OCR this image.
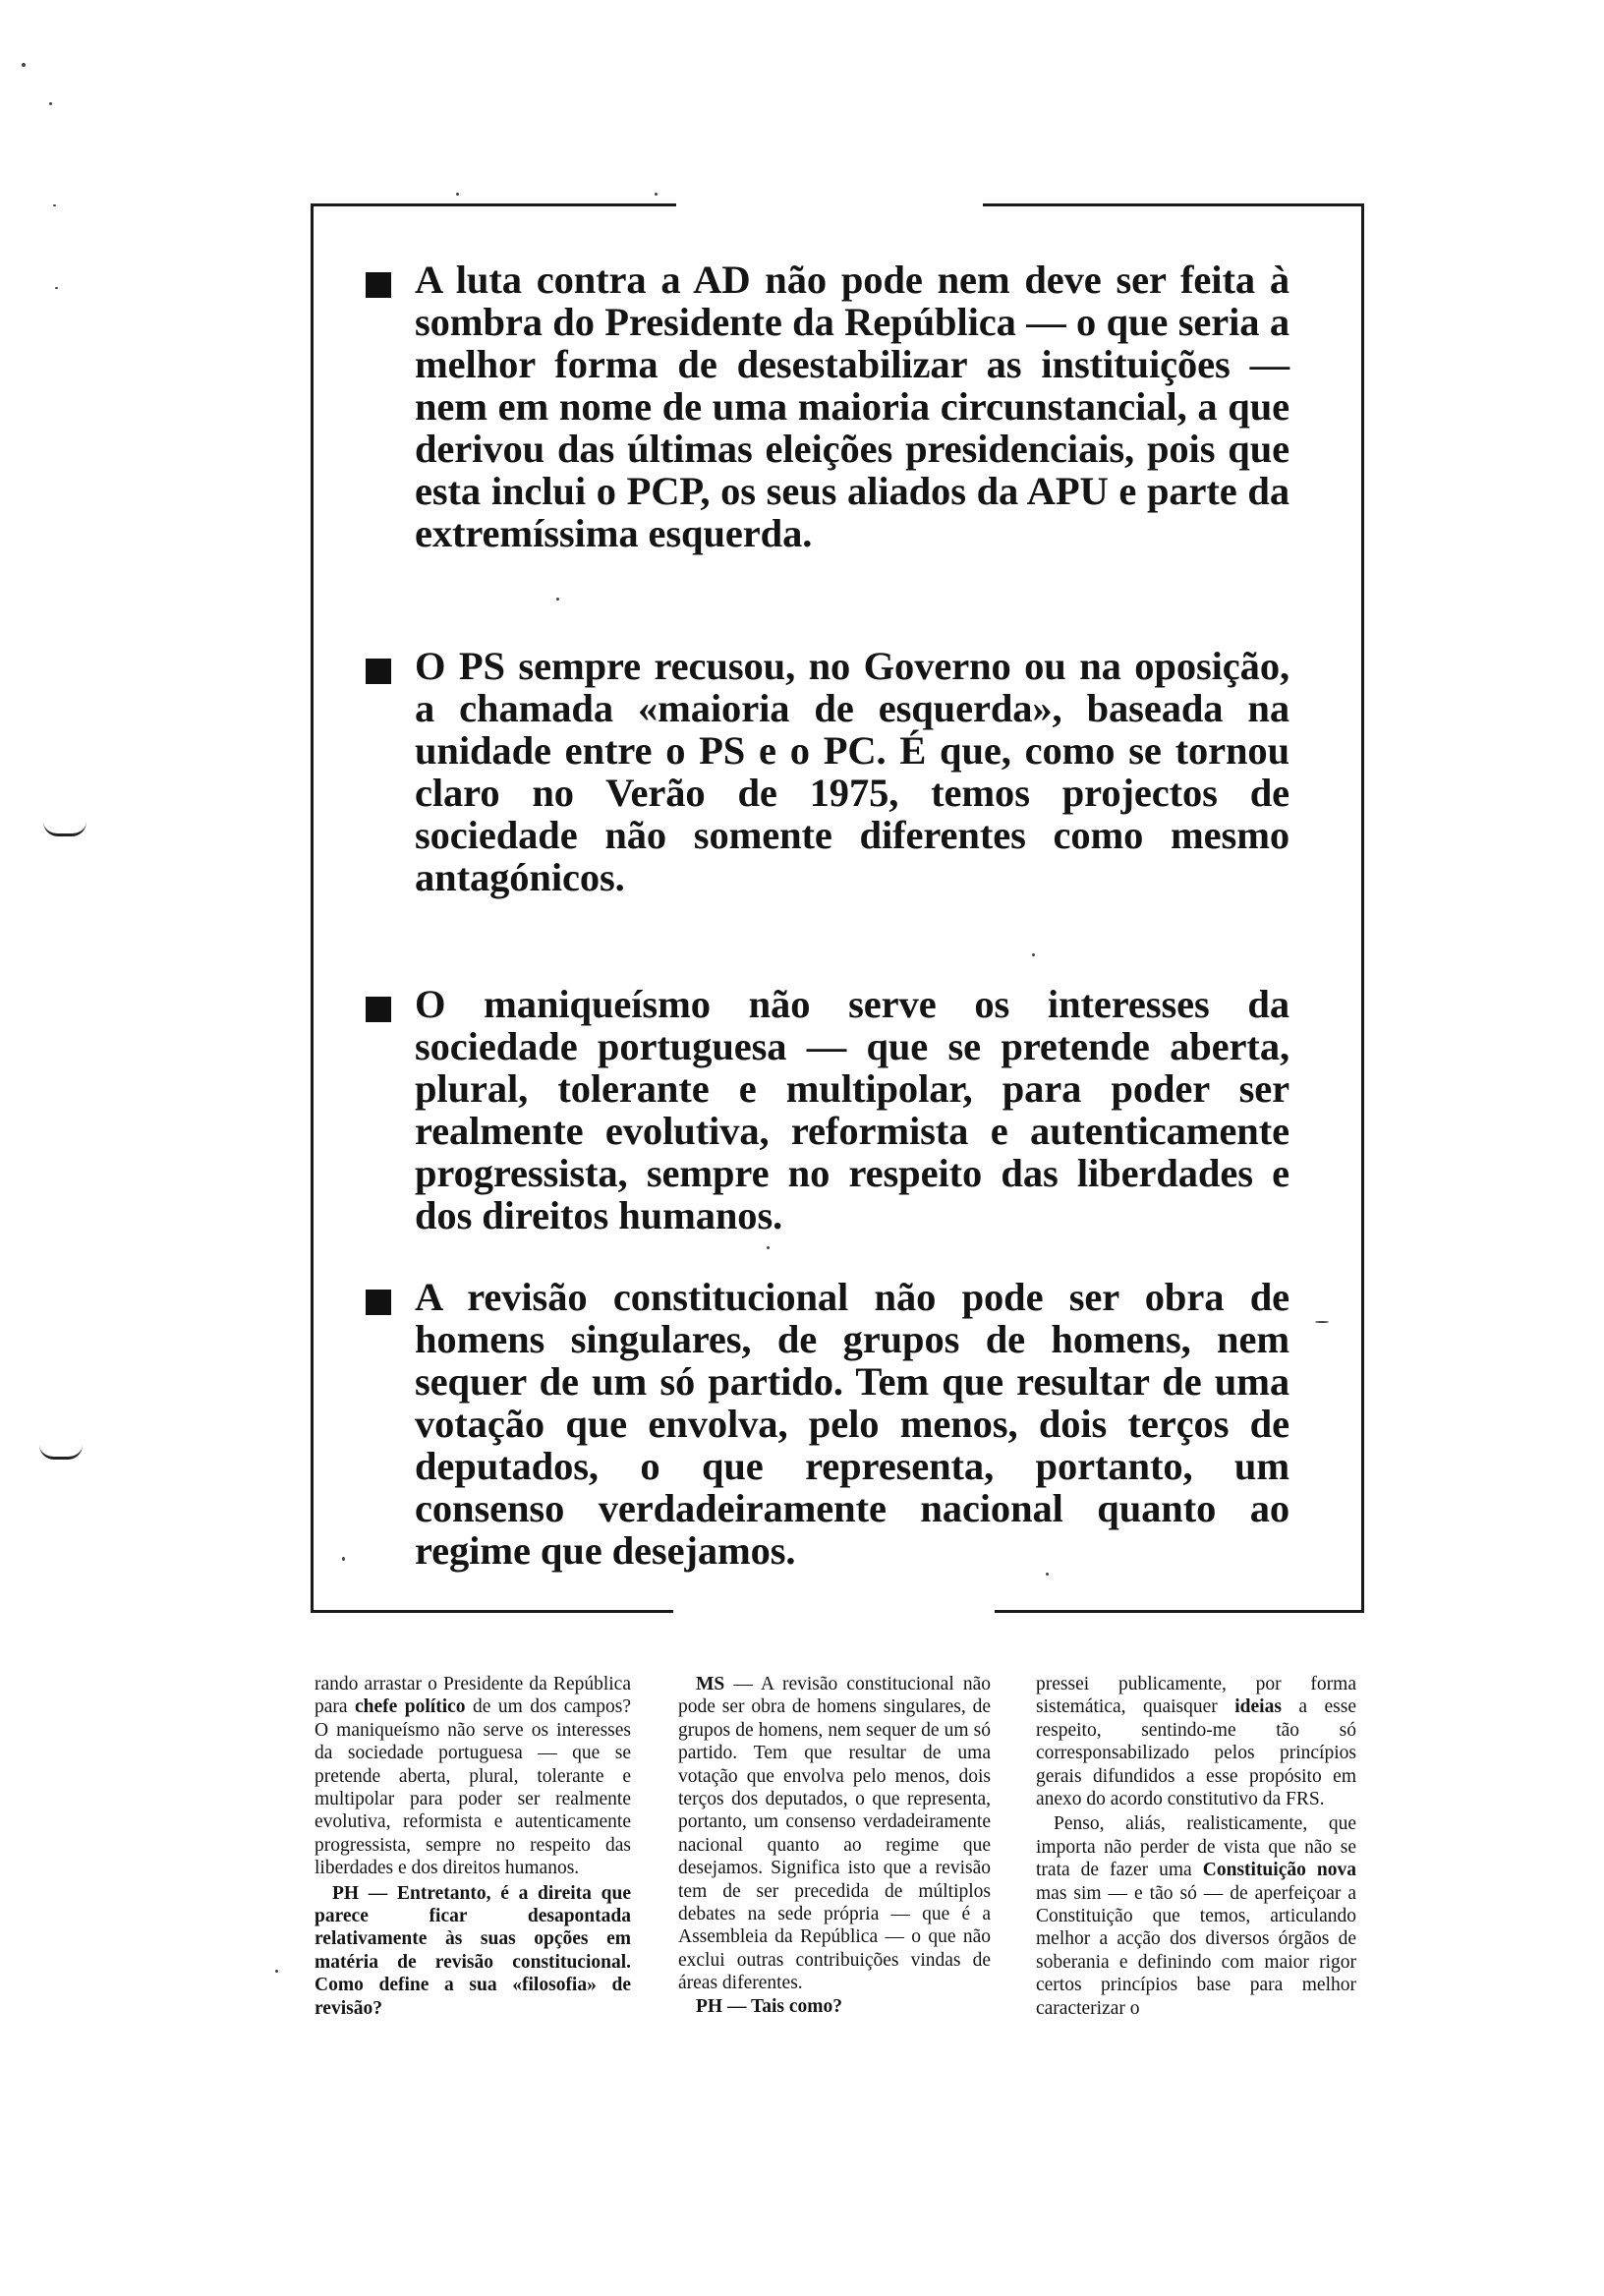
A luta contra a AD não pode nem deve ser feita à sombra do Presidente da República — o que seria a melhor forma de desestabilizar as instituições — nem em nome de uma maioria circunstancial, a que derivou das últimas eleições presidenciais, pois que esta inclui o PCP, os seus aliados da APU e parte da extremíssima esquerda.
O PS sempre recusou, no Governo ou na oposição, a chamada «maioria de esquerda», baseada na unidade entre o PS e o PC. É que, como se tornou claro no Verão de 1975, temos projectos de sociedade não somente diferentes como mesmo antagónicos.
O maniqueísmo não serve os interesses da sociedade portuguesa — que se pretende aberta, plural, tolerante e multipolar, para poder ser realmente evolutiva, reformista e autenticamente progressista, sempre no respeito das liberdades e dos direitos humanos.
A revisão constitucional não pode ser obra de homens singulares, de grupos de homens, nem sequer de um só partido. Tem que resultar de uma votação que envolva, pelo menos, dois terços de deputados, o que representa, portanto, um consenso verdadeiramente nacional quanto ao regime que desejamos.

rando arrastar o Presidente da República para chefe político de um dos campos? O maniqueísmo não serve os interesses da sociedade portuguesa — que se pretende aberta, plural, tolerante e multipolar para poder ser realmente evolutiva, reformista e autenticamente progressista, sempre no respeito das liberdades e dos direitos humanos.

PH — Entretanto, é a direita que parece ficar desapontada relativamente às suas opções em matéria de revisão constitucional. Como define a sua «filosofia» de revisão?

MS — A revisão constitucional não pode ser obra de homens singulares, de grupos de homens, nem sequer de um só partido. Tem que resultar de uma votação que envolva pelo menos, dois terços dos deputados, o que representa, portanto, um consenso verdadeiramente nacional quanto ao regime que desejamos. Significa isto que a revisão tem de ser precedida de múltiplos debates na sede própria — que é a Assembleia da República — o que não exclui outras contribuições vindas de áreas diferentes.

PH — Tais como?

pressei publicamente, por forma sistemática, quaisquer ideias a esse respeito, sentindo-me tão só corresponsabilizado pelos princípios gerais difundidos a esse propósito em anexo do acordo constitutivo da FRS.

Penso, aliás, realisticamente, que importa não perder de vista que não se trata de fazer uma Constituição nova mas sim — e tão só — de aperfeiçoar a Constituição que temos, articulando melhor a acção dos diversos órgãos de soberania e definindo com maior rigor certos princípios base para melhor caracterizar o
